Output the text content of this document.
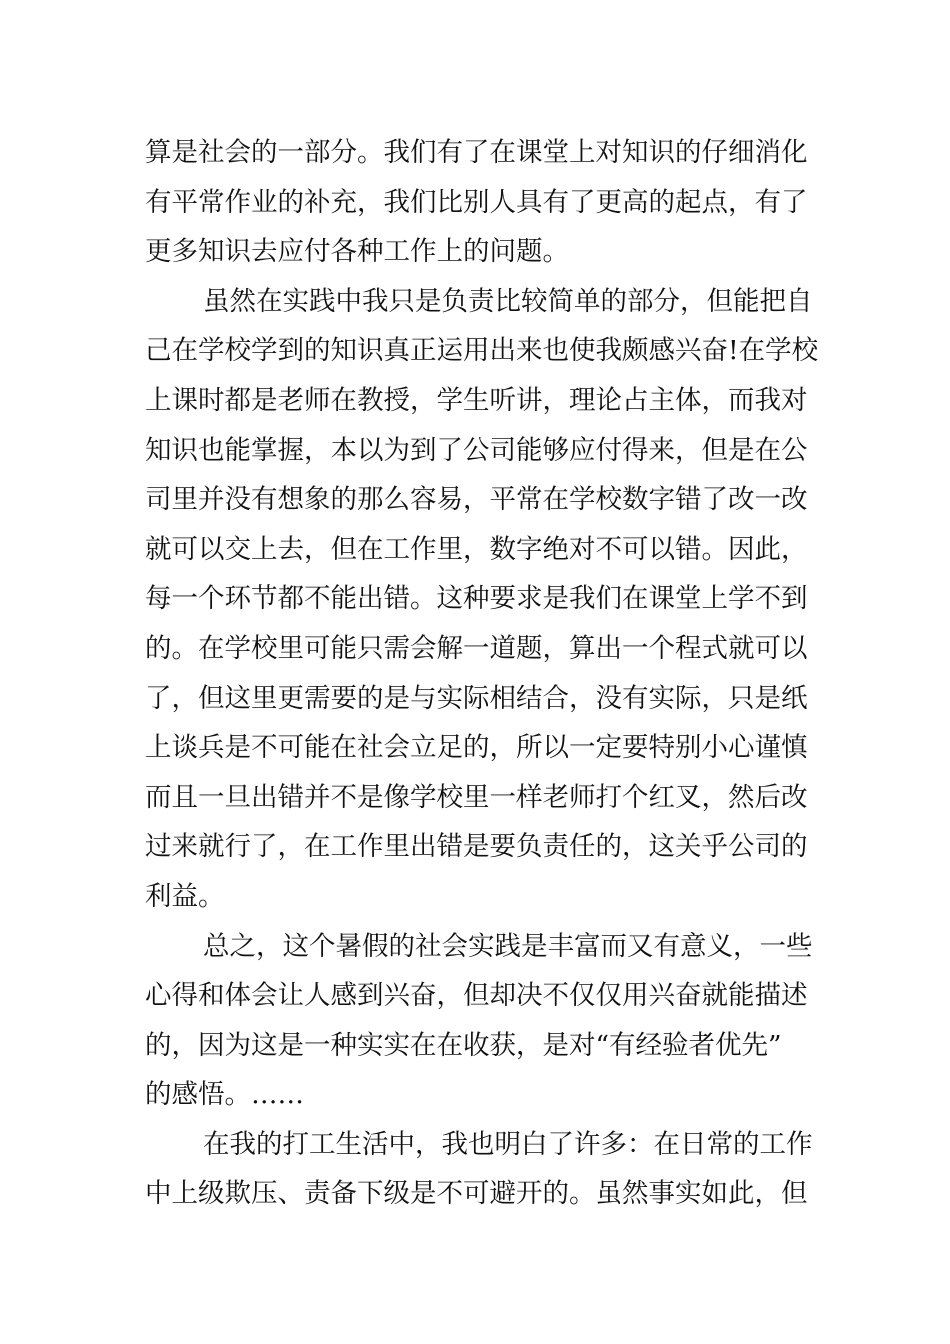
算是社会的一部分。我们有了在课堂上对知识的仔细消化
有平常作业的补充，我们比别人具有了更高的起点，有了
更多知识去应付各种工作上的问题。
虽然在实践中我只是负责比较简单的部分，但能把自
己在学校学到的知识真正运用出来也使我颇感兴奋!在学校
上课时都是老师在教授，学生听讲，理论占主体，而我对
知识也能掌握，本以为到了公司能够应付得来，但是在公
司里并没有想象的那么容易，平常在学校数字错了改一改
就可以交上去，但在工作里，数字绝对不可以错。因此，
每一个环节都不能出错。这种要求是我们在课堂上学不到
的。在学校里可能只需会解一道题，算出一个程式就可以
了，但这里更需要的是与实际相结合，没有实际，只是纸
上谈兵是不可能在社会立足的，所以一定要特别小心谨慎
而且一旦出错并不是像学校里一样老师打个红叉，然后改
过来就行了，在工作里出错是要负责任的，这关乎公司的
利益。
总之，这个暑假的社会实践是丰富而又有意义，一些
心得和体会让人感到兴奋，但却决不仅仅用兴奋就能描述
的，因为这是一种实实在在收获，是对“有经验者优先”
的感悟。……
在我的打工生活中，我也明白了许多：在日常的工作
中上级欺压、责备下级是不可避开的。虽然事实如此，但
